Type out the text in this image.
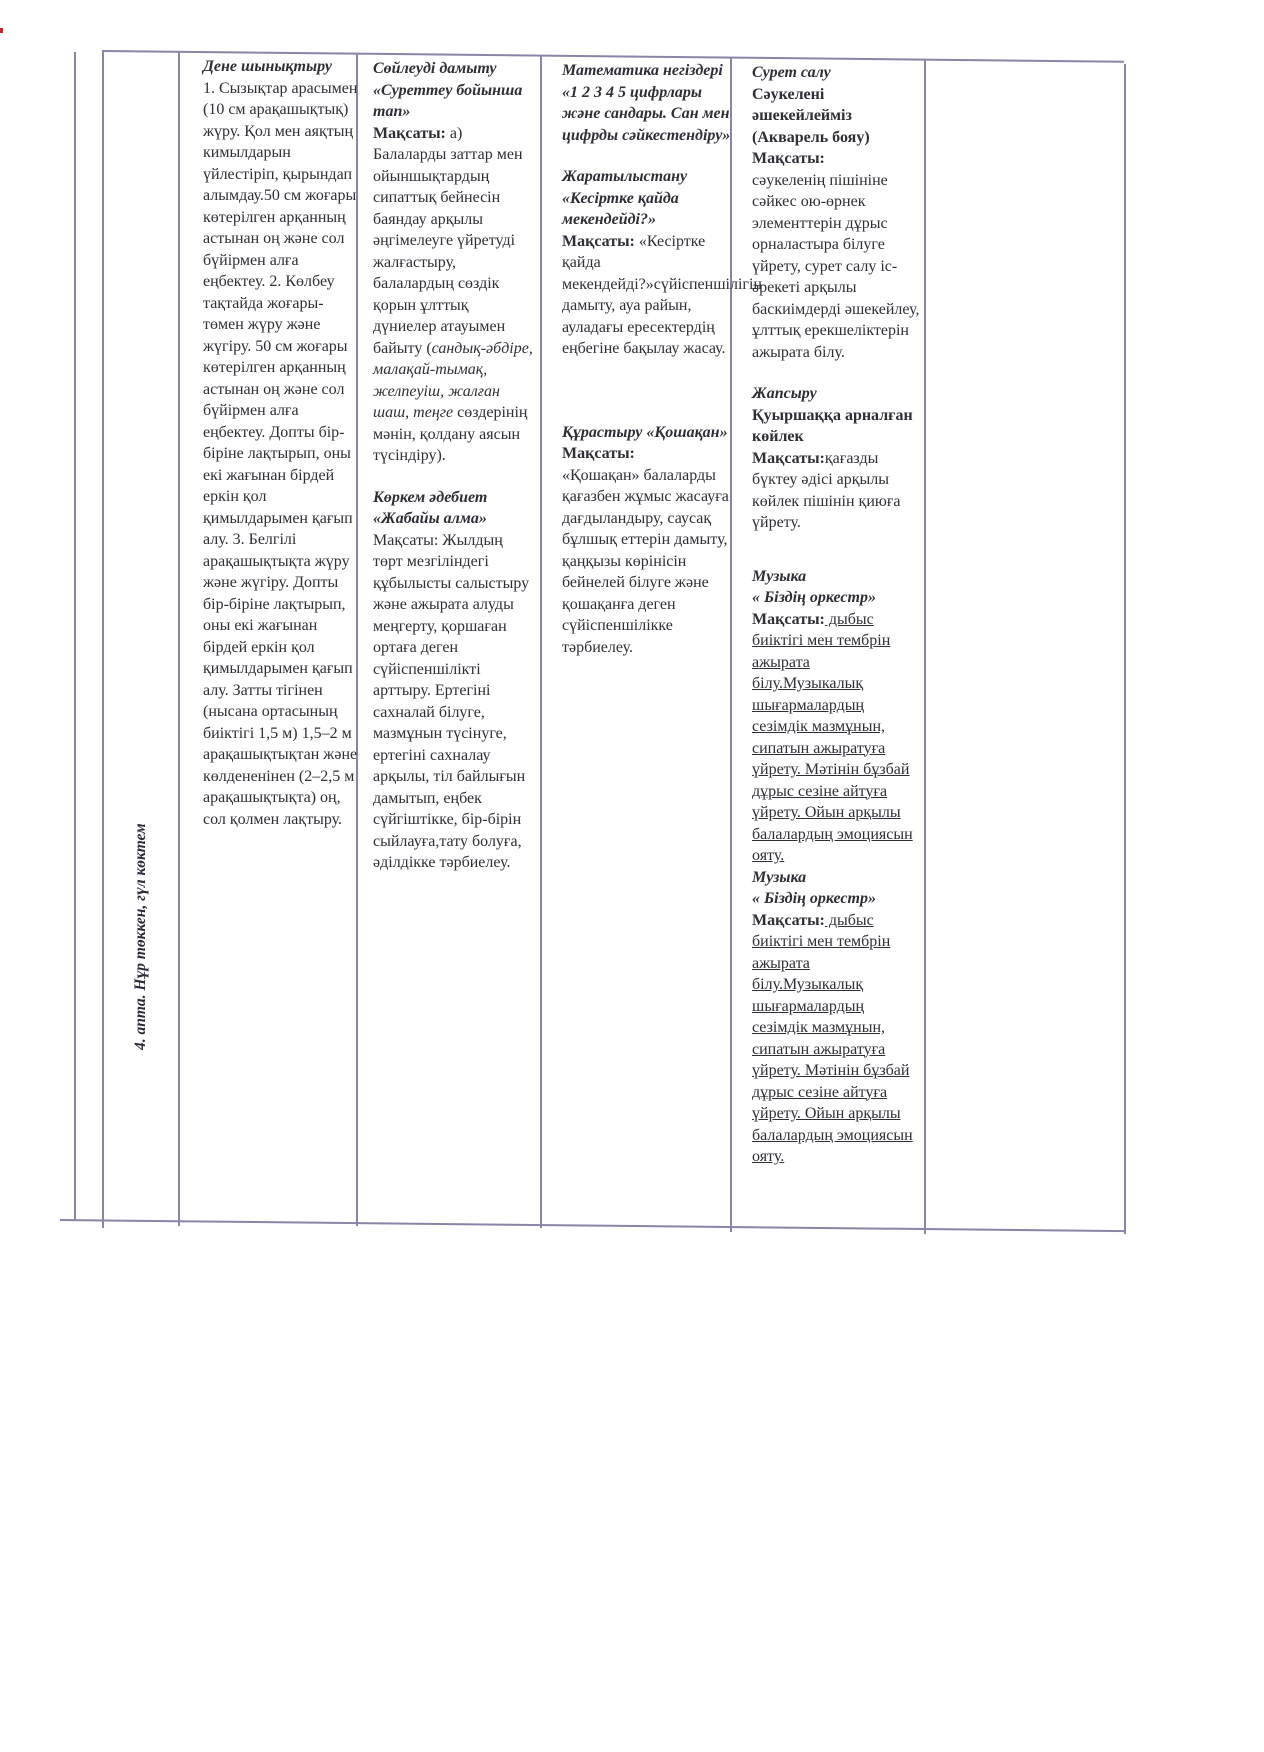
4. апта. Нұр төккен, гүл көктем

Дене шынықтыру

1. Сызықтар арасымен (10 см арақашықтық) жүру. Қол мен аяқтың кимылдарын үйлестіріп, қырындап алымдау.50 см жоғары көтерілген арқанның астынан оң және сол бүйірмен алға еңбектеу. 2. Көлбеу тақтайда жоғары-төмен жүру және жүгіру. 50 см жоғары көтерілген арқанның астынан оң және сол бүйірмен алға еңбектеу. Допты бір-біріне лақтырып, оны екі жағынан бірдей еркін қол қимылдарымен қағып алу. 3. Белгілі арақашықтықта жүру және жүгіру. Допты бір-біріне лақтырып, оны екі жағынан бірдей еркін қол қимылдарымен қағып алу. Затты тігінен (нысана ортасының биіктігі 1,5 м) 1,5–2 м арақашықтықтан және көлдененінен (2–2,5 м арақашықтықта) оң, сол қолмен лақтыру.

Сөйлеуді дамыту «Суреттеу бойынша тап»

Мақсаты: а) Балаларды заттар мен ойыншықтардың сипаттық бейнесін баяндау арқылы әңгімелеуге үйретуді жалғастыру, балалардың сөздік қорын ұлттық дүниелер атауымен байыту (сандық-әбдіре, малақай-тымақ, желпеуіш, жалған шаш, теңге сөздерінің мәнін, қолдану аясын түсіндіру).

Көркем әдебиет «Жабайы алма»

Мақсаты: Жылдың төрт мезгіліндегі құбылысты салыстыру және ажырата алуды меңгерту, қоршаған ортаға деген сүйіспеншілікті арттыру. Ертегіні сахналай білуге, мазмұнын түсінуге, ертегіні сахналау арқылы, тіл байлығын дамытып, еңбек сүйгіштікке, бір-бірін сыйлауға,тату болуға, әділдікке тәрбиелеу.

Математика негіздері «1 2 3 4 5 цифрлары және сандары. Сан мен цифрды сәйкестендіру»

Жаратылыстану «Кесіртке қайда мекендейді?»

Мақсаты: «Кесіртке қайда мекендейді?»сүйіспеншілігін дамыту, ауа райын, ауладағы ересектердің еңбегіне бақылау жасау.

Құрастыру «Қошақан»

Мақсаты:

«Қошақан» балаларды қағазбен жұмыс жасауға дағдыландыру, саусақ бұлшық еттерін дамыту, қаңқызы көрінісін бейнелей білуге және қошақанға деген сүйіспеншілікке тәрбиелеу.

Сурет салу

Сәукелені әшекейлейміз (Акварель бояу)

Мақсаты:

сәукеленің пішініне сәйкес ою-өрнек элементтерін дұрыс орналастыра білуге үйрету, сурет салу іс-әрекеті арқылы баскиімдерді әшекейлеу, ұлттық ерекшеліктерін ажырата білу.

Жапсыру

Қуыршаққа арналған көйлек

Мақсаты:қағазды бүктеу әдісі арқылы көйлек пішінін қиюға үйрету.

Музыка

« Біздің оркестр»

Мақсаты: дыбыс биіктігі мен тембрін ажырата білу.Музыкалық шығармалардың сезімдік мазмұнын, сипатын ажыратуға үйрету. Мәтінін бұзбай дұрыс сезіне айтуға үйрету. Ойын арқылы балалардың эмоциясын ояту.

Музыка

« Біздің оркестр»

Мақсаты: дыбыс биіктігі мен тембрін ажырата білу.Музыкалық шығармалардың сезімдік мазмұнын, сипатын ажыратуға үйрету. Мәтінін бұзбай дұрыс сезіне айтуға үйрету. Ойын арқылы балалардың эмоциясын ояту.
